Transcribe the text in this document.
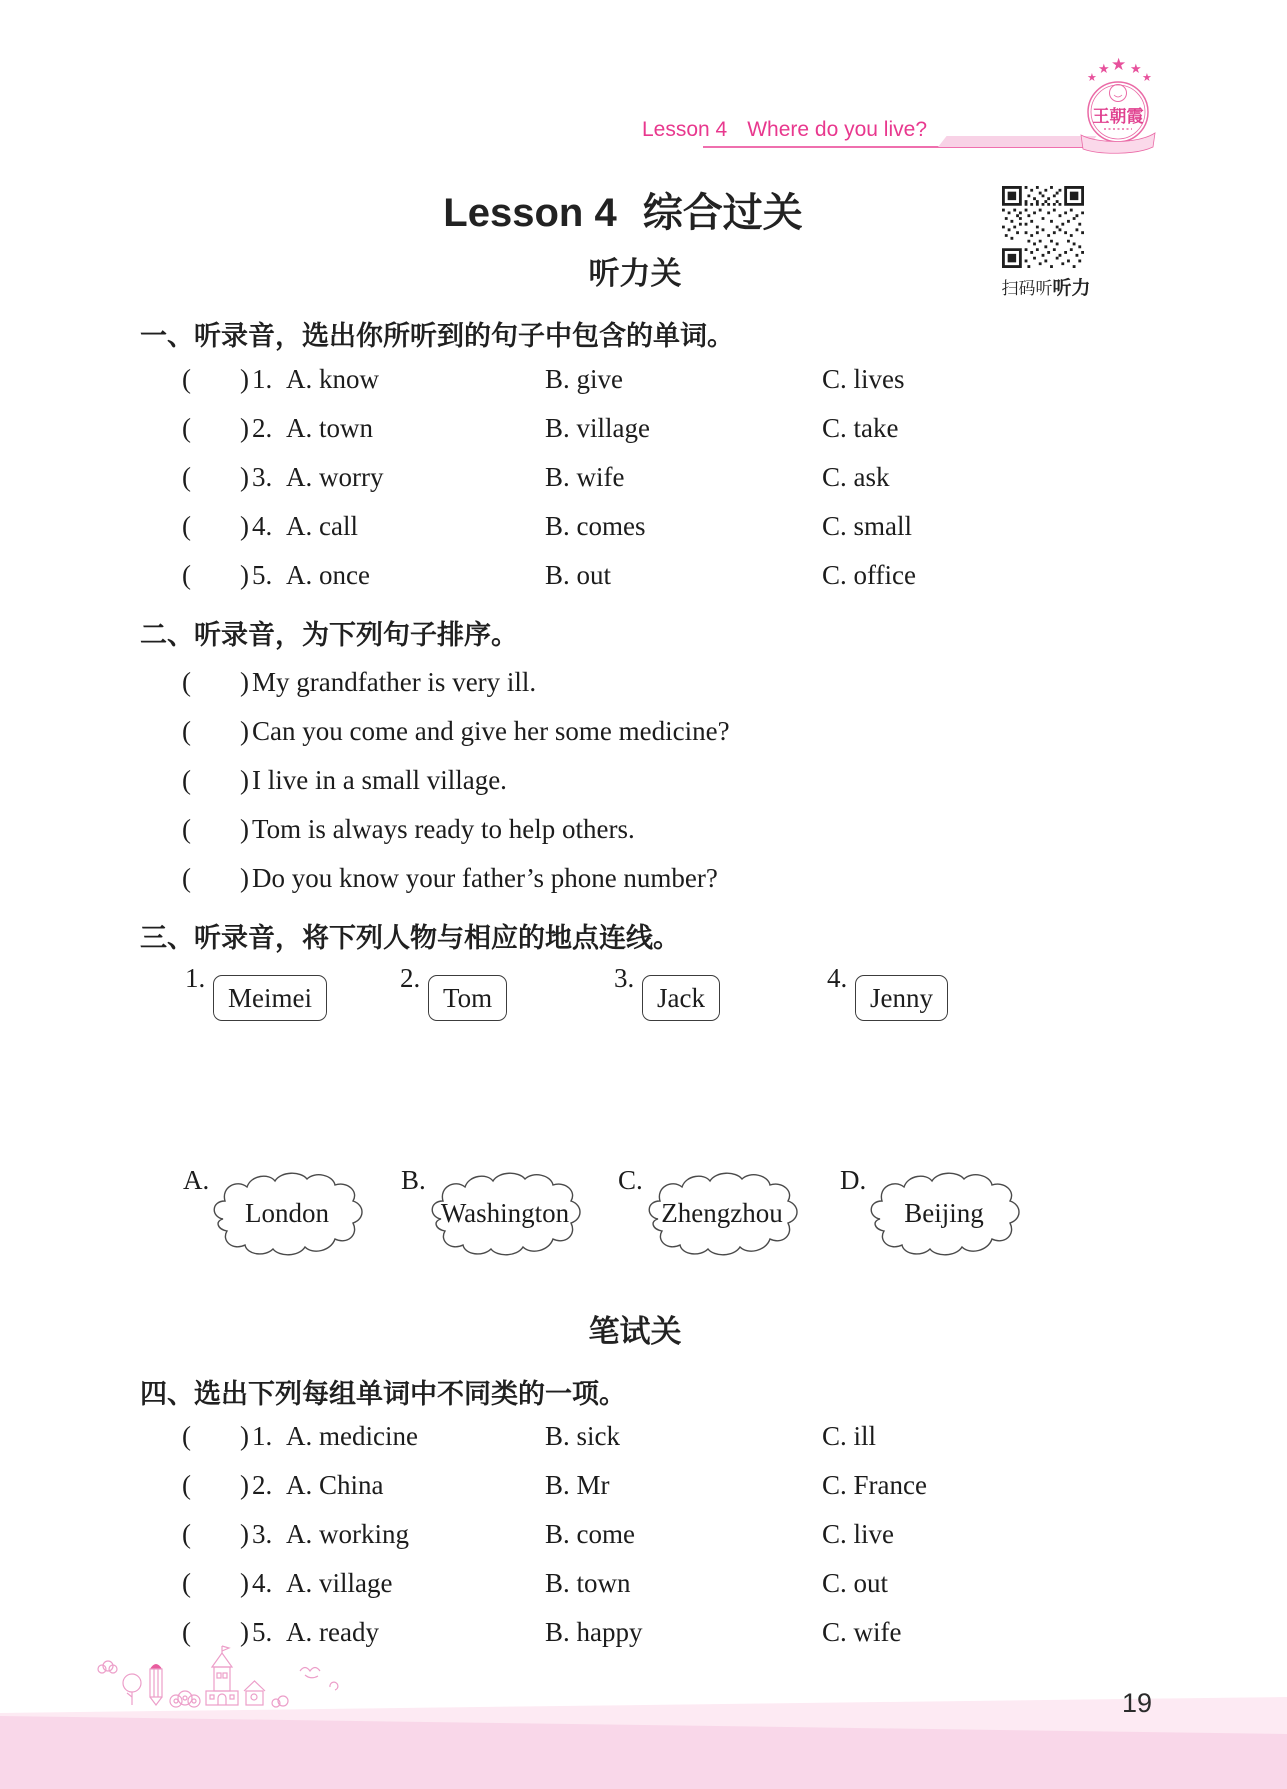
Lesson 4 Where do you live?
★
★ ★ ★
★
王朝霞
Lesson 4 综合过关
扫码听听力
听力关
一、听录音，选出你所听到的句子中包含的单词。
( ) 1. A. know	B. give	C. lives
( ) 2. A. town	B. village	C. take
( ) 3. A. worry	B. wife	C. ask
( ) 4. A. call	B. comes	C. small
( ) 5. A. once	B. out	C. office
二、听录音，为下列句子排序。
( ) My grandfather is very ill.
( ) Can you come and give her some medicine?
( ) I live in a small village.
( ) Tom is always ready to help others.
( ) Do you know your father’s phone number?
三、听录音，将下列人物与相应的地点连线。
1.
Meimei
2.
Tom
3.
Jack
4.
Jenny
A.
London
B.
Washington
C.
Zhengzhou
D.
Beijing
笔试关
四、选出下列每组单词中不同类的一项。
( ) 1. A. medicine	B. sick	C. ill
( ) 2. A. China	B. Mr	C. France
( ) 3. A. working	B. come	C. live
( ) 4. A. village	B. town	C. out
( ) 5. A. ready	B. happy	C. wife
19
